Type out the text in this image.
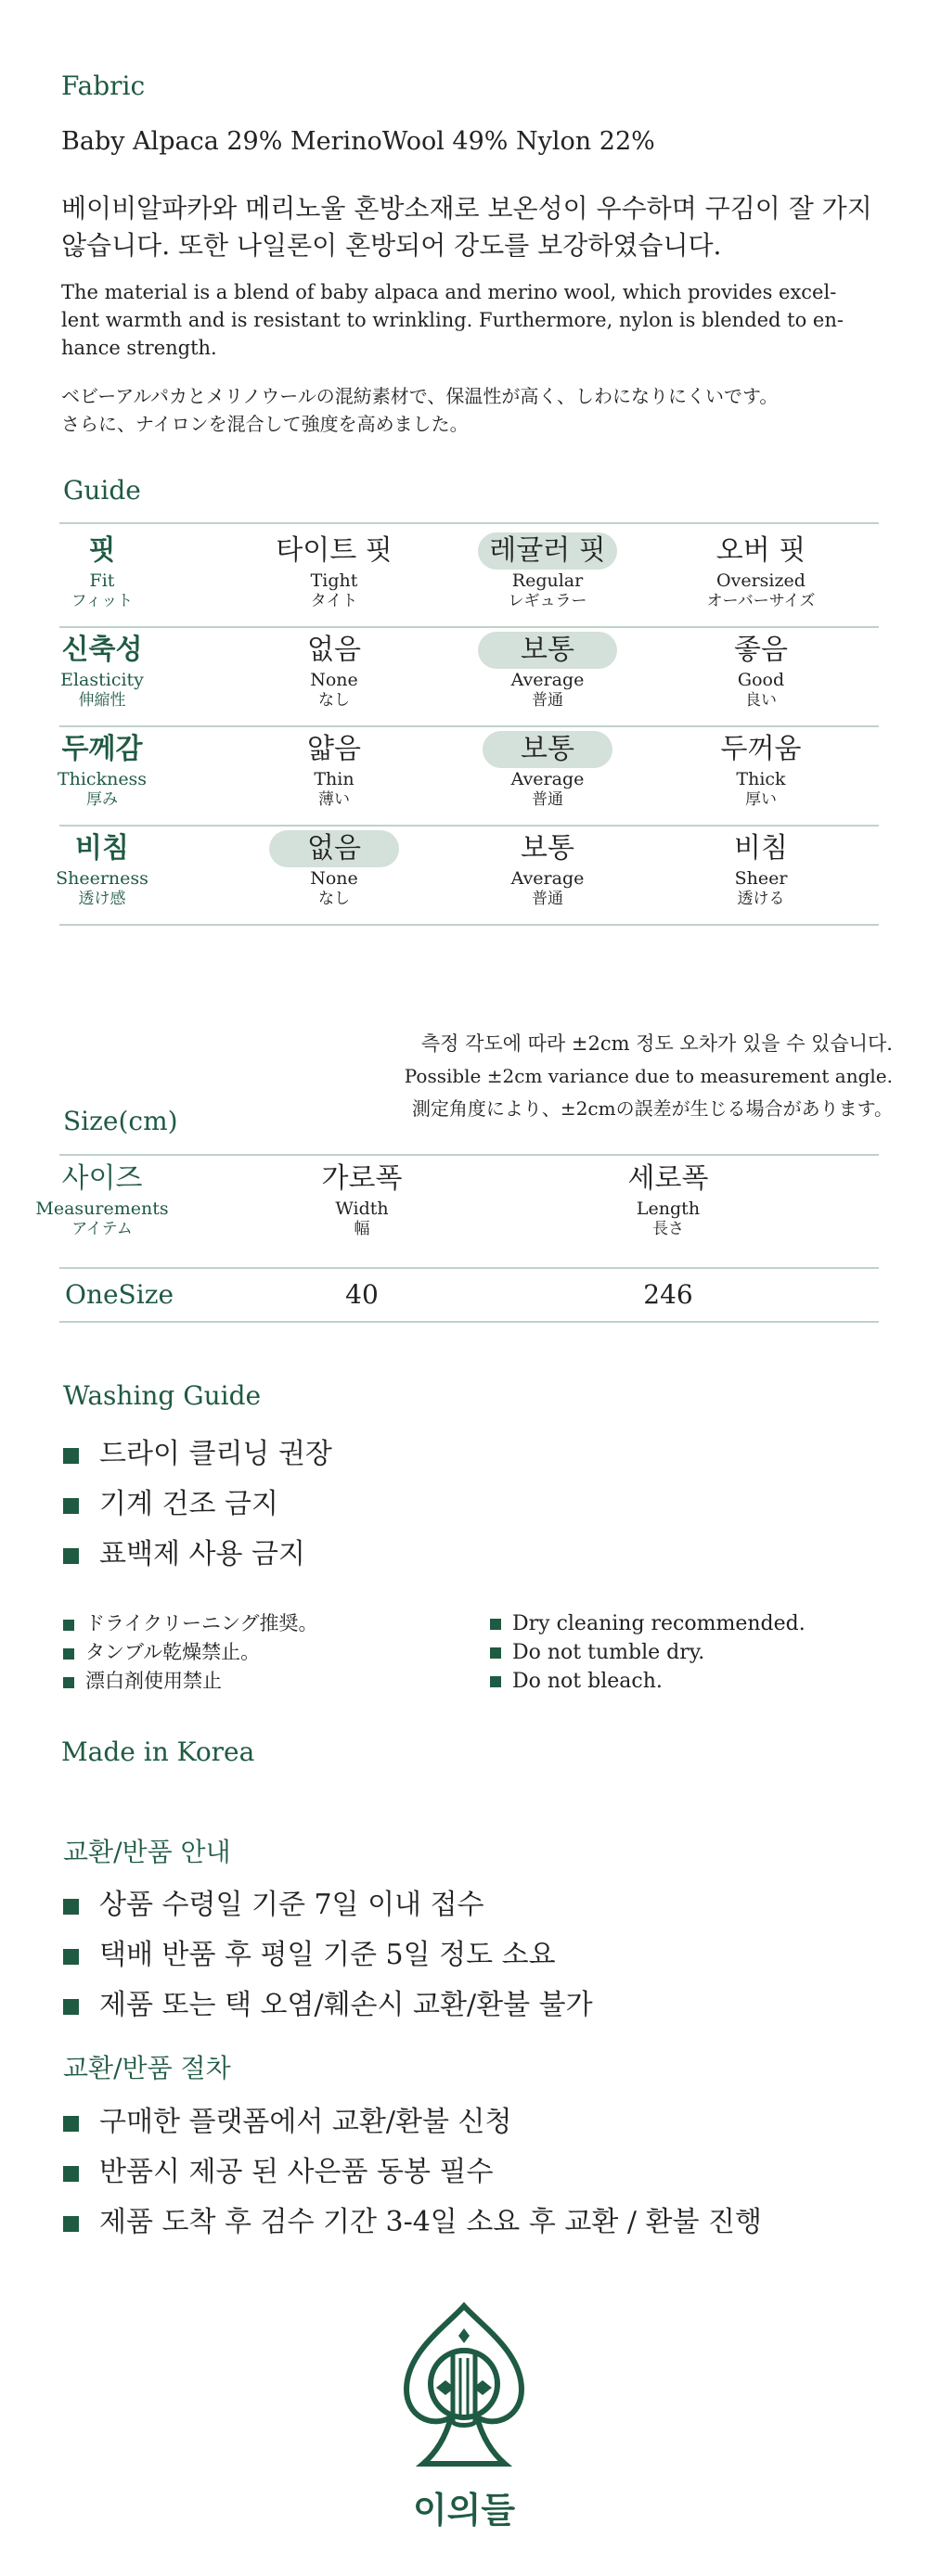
Fabric
Baby Alpaca 29% MerinoWool 49% Nylon 22%
베이비알파카와 메리노울 혼방소재로 보온성이 우수하며 구김이 잘 가지
않습니다. 또한 나일론이 혼방되어 강도를 보강하였습니다.
The material is a blend of baby alpaca and merino wool, which provides excel-
lent warmth and is resistant to wrinkling. Furthermore, nylon is blended to en-
hance strength.
ベビーアルパカとメリノウールの混紡素材で、保温性が高く、しわになりにくいです。
さらに、ナイロンを混合して強度を高めました。
Guide
핏
Fit
フィット
타이트 핏
Tight
タイト
레귤러 핏
Regular
レギュラー
오버 핏
Oversized
オーバーサイズ
신축성
Elasticity
伸縮性
없음
None
なし
보통
Average
普通
좋음
Good
良い
두께감
Thickness
厚み
얇음
Thin
薄い
보통
Average
普通
두꺼움
Thick
厚い
비침
Sheerness
透け感
없음
None
なし
보통
Average
普通
비침
Sheer
透ける
측정 각도에 따라 ±2cm 정도 오차가 있을 수 있습니다.
Possible ±2cm variance due to measurement angle.
測定角度により、±2cmの誤差が生じる場合があります。
Size(cm)
사이즈
Measurements
アイテム
가로폭
Width
幅
세로폭
Length
長さ
OneSize	40	246
Washing Guide
드라이 클리닝 권장
기계 건조 금지
표백제 사용 금지
ドライクリーニング推奨。
タンブル乾燥禁止。
漂白剤使用禁止
Dry cleaning recommended.
Do not tumble dry.
Do not bleach.
Made in Korea
교환/반품 안내
상품 수령일 기준 7일 이내 접수
택배 반품 후 평일 기준 5일 정도 소요
제품 또는 택 오염/훼손시 교환/환불 불가
교환/반품 절차
구매한 플랫폼에서 교환/환불 신청
반품시 제공 된 사은품 동봉 필수
제품 도착 후 검수 기간 3-4일 소요 후 교환 / 환불 진행
이의들
